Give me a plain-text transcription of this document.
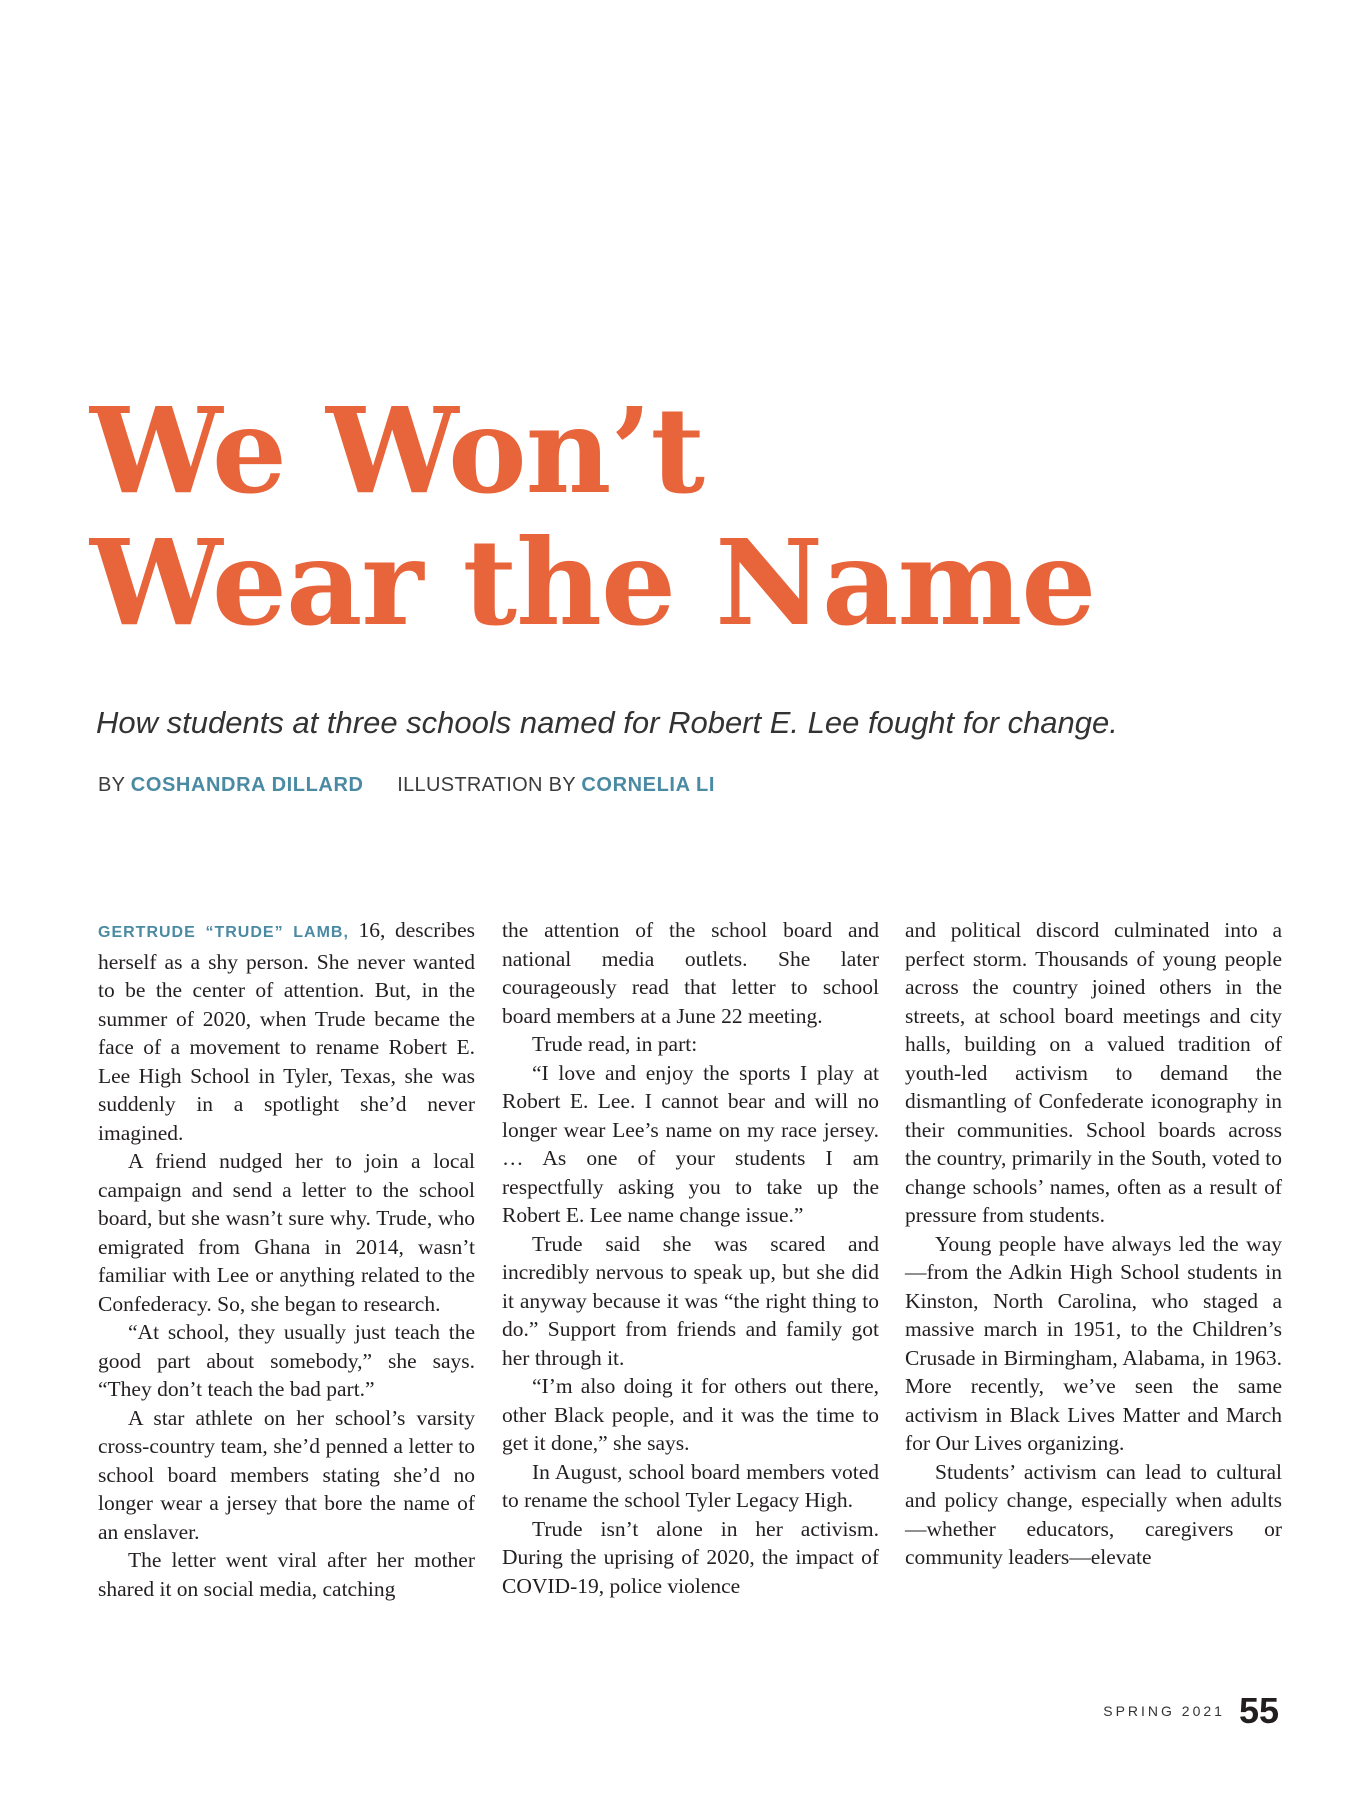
We Won’t
Wear the Name

How students at three schools named for Robert E. Lee fought for change.

BY COSHANDRA DILLARD ILLUSTRATION BY CORNELIA LI

GERTRUDE “TRUDE” LAMB, 16, describes herself as a shy person. She never wanted to be the center of attention. But, in the summer of 2020, when Trude became the face of a movement to rename Robert E. Lee High School in Tyler, Texas, she was suddenly in a spotlight she’d never imagined.

A friend nudged her to join a local campaign and send a letter to the school board, but she wasn’t sure why. Trude, who emigrated from Ghana in 2014, wasn’t familiar with Lee or anything related to the Confederacy. So, she began to research.

“At school, they usually just teach the good part about somebody,” she says. “They don’t teach the bad part.”

A star athlete on her school’s varsity cross-country team, she’d penned a letter to school board members stating she’d no longer wear a jersey that bore the name of an enslaver.

The letter went viral after her mother shared it on social media, catching

the attention of the school board and national media outlets. She later courageously read that letter to school board members at a June 22 meeting.

Trude read, in part:

“I love and enjoy the sports I play at Robert E. Lee. I cannot bear and will no longer wear Lee’s name on my race jersey. … As one of your students I am respectfully asking you to take up the Robert E. Lee name change issue.”

Trude said she was scared and incredibly nervous to speak up, but she did it anyway because it was “the right thing to do.” Support from friends and family got her through it.

“I’m also doing it for others out there, other Black people, and it was the time to get it done,” she says.

In August, school board members voted to rename the school Tyler Legacy High.

Trude isn’t alone in her activism. During the uprising of 2020, the impact of COVID-19, police violence

and political discord culminated into a perfect storm. Thousands of young people across the country joined others in the streets, at school board meetings and city halls, building on a valued tradition of youth-led activism to demand the dismantling of Confederate iconography in their communities. School boards across the country, primarily in the South, voted to change schools’ names, often as a result of pressure from students.

Young people have always led the way—from the Adkin High School students in Kinston, North Carolina, who staged a massive march in 1951, to the Children’s Crusade in Birmingham, Alabama, in 1963. More recently, we’ve seen the same activism in Black Lives Matter and March for Our Lives organizing.

Students’ activism can lead to cultural and policy change, especially when adults—whether educators, caregivers or community leaders—elevate

SPRING 2021 55
